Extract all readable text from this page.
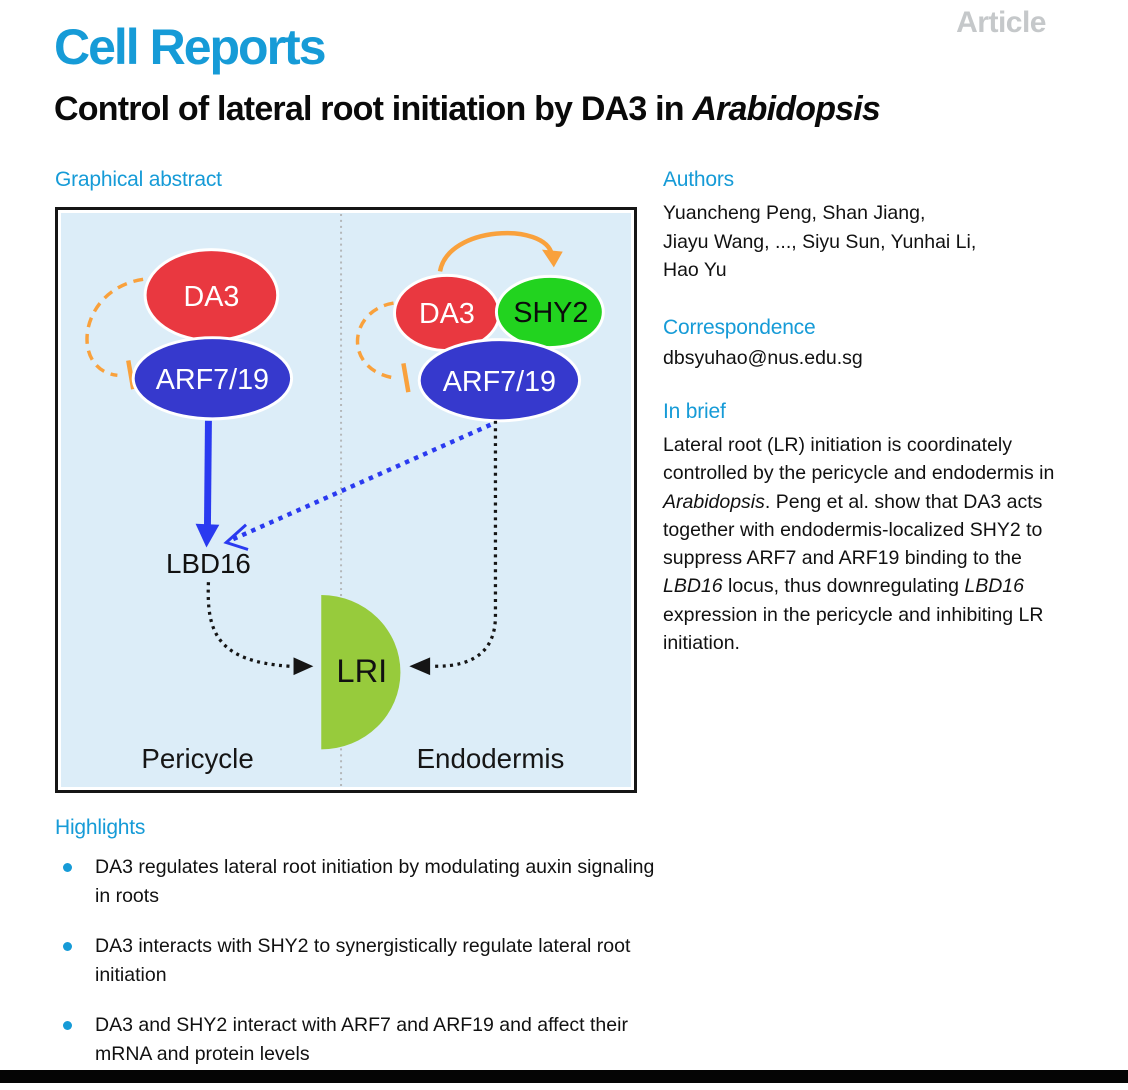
Cell Reports	Article
Control of lateral root initiation by DA3 in Arabidopsis
Graphical abstract
DA3
ARF7/19
LBD16
DA3 SHY2
ARF7/19
LRI
Pericycle	Endodermis
Authors
Yuancheng Peng, Shan Jiang,
Jiayu Wang, ..., Siyu Sun, Yunhai Li,
Hao Yu
Correspondence
dbsyuhao@nus.edu.sg
In brief
Lateral root (LR) initiation is coordinately controlled by the pericycle and endodermis in Arabidopsis. Peng et al. show that DA3 acts together with endodermis-localized SHY2 to suppress ARF7 and ARF19 binding to the LBD16 locus, thus downregulating LBD16 expression in the pericycle and inhibiting LR initiation.
Highlights
DA3 regulates lateral root initiation by modulating auxin signaling in roots
DA3 interacts with SHY2 to synergistically regulate lateral root initiation
DA3 and SHY2 interact with ARF7 and ARF19 and affect their mRNA and protein levels
